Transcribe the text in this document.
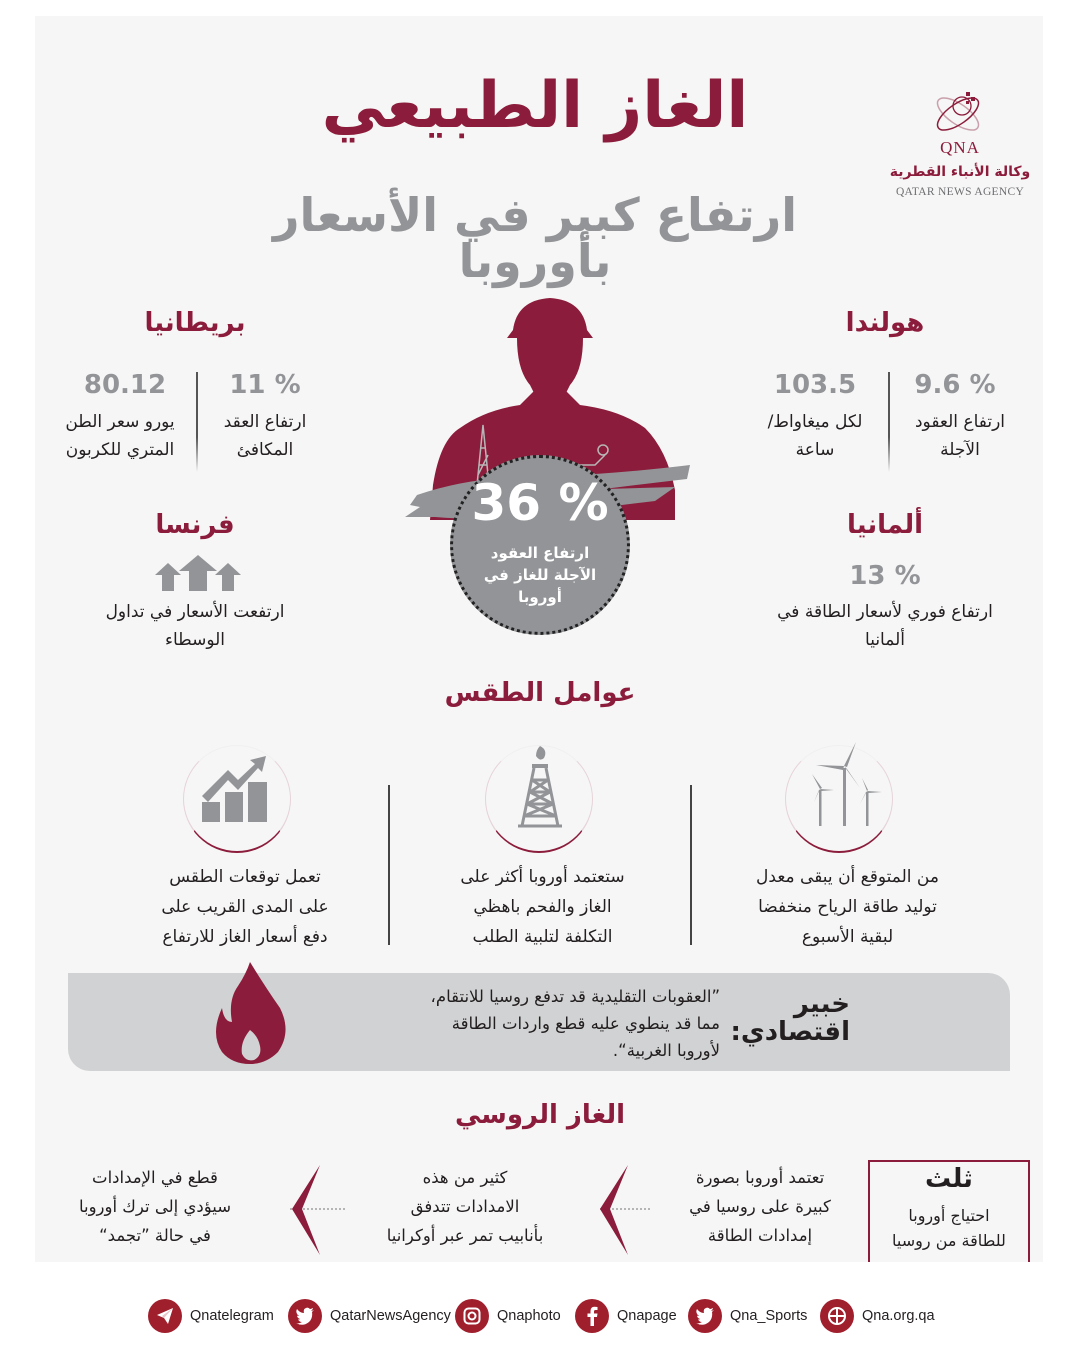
الغاز الطبيعي
ارتفاع كبير في الأسعار بأوروبا
QNA
وكالة الأنباء القطرية
QATAR NEWS AGENCY
بريطانيا
11 %
ارتفاع العقد
المكافئ
80.12
يورو سعر الطن
المتري للكربون
هولندا
9.6 %
ارتفاع العقود
الآجلة
103.5
لكل ميغاواط/
ساعة
فرنسا
ارتفعت الأسعار في تداول
الوسطاء
ألمانيا
13 %
ارتفاع فوري لأسعار الطاقة في
ألمانيا
36 %
ارتفاع العقود
الآجلة للغاز في
أوروبا
عوامل الطقس
من المتوقع أن يبقى معدل
توليد طاقة الرياح منخفضا
لبقية الأسبوع
ستعتمد أوروبا أكثر على
الغاز والفحم باهظي
التكلفة لتلبية الطلب
تعمل توقعات الطقس
على المدى القريب على
دفع أسعار الغاز للارتفاع
”العقوبات التقليدية قد تدفع روسيا للانتقام،
مما قد ينطوي عليه قطع واردات الطاقة
لأوروبا الغربية“.
خبير
اقتصادي:
الغاز الروسي
ثلث
احتياج أوروبا
للطاقة من روسيا
تعتمد أوروبا بصورة
كبيرة على روسيا في
إمدادات الطاقة
كثير من هذه
الامدادات تتدفق
بأنابيب تمر عبر أوكرانيا
قطع في الإمدادات
سيؤدي إلى ترك أوروبا
في حالة ”تجمد“
Qnatelegram	QatarNewsAgency	Qnaphoto	Qnapage	Qna_Sports	Qna.org.qa
